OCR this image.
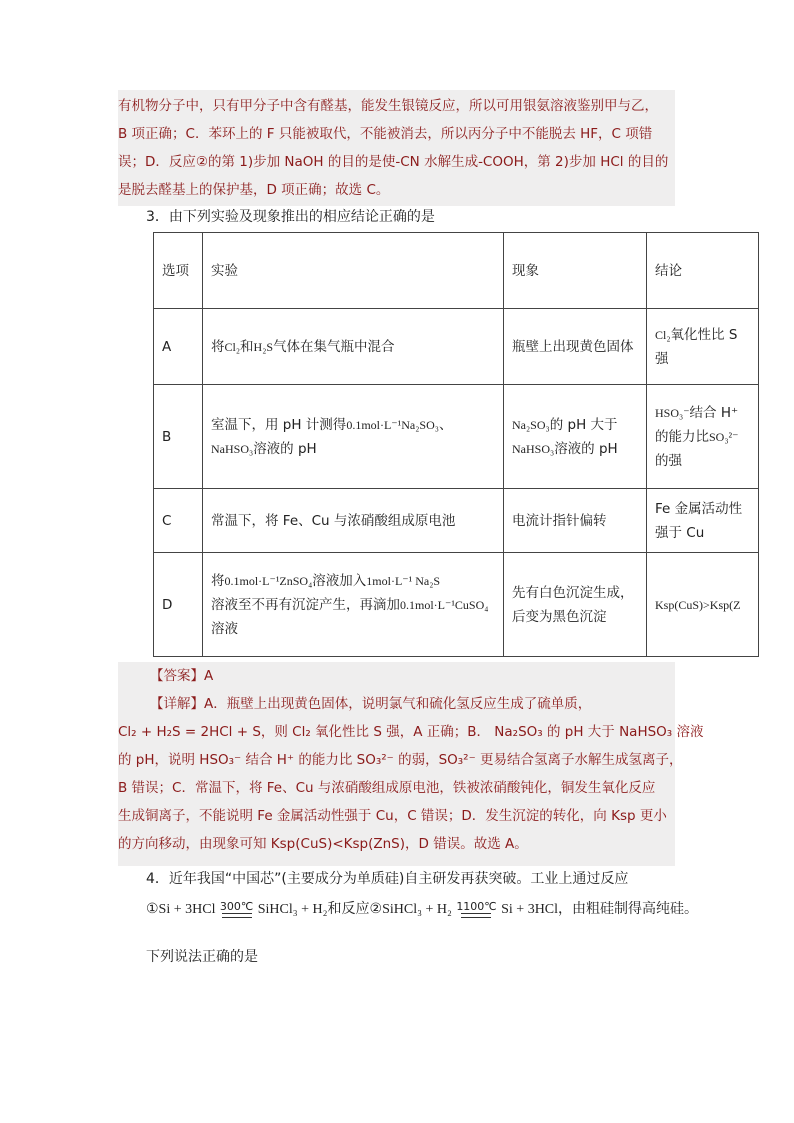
有机物分子中，只有甲分子中含有醛基，能发生银镜反应，所以可用银氨溶液鉴别甲与乙，

B 项正确；C．苯环上的 F 只能被取代，不能被消去，所以丙分子中不能脱去 HF，C 项错

误；D．反应②的第 1)步加 NaOH 的目的是使-CN 水解生成-COOH，第 2)步加 HCl 的目的

是脱去醛基上的保护基，D 项正确；故选 C。

3．由下列实验及现象推出的相应结论正确的是
选项	实验	现象	结论
A	将Cl₂和H₂S气体在集气瓶中混合	瓶壁上出现黄色固体	Cl₂氧化性比 S 强
B	室温下，用 pH 计测得0.1mol·L⁻¹Na₂SO₃、
NaHSO₃溶液的 pH	Na₂SO₃的 pH 大于
NaHSO₃溶液的 pH	HSO₃⁻结合 H⁺
的能力比SO₃²⁻
的强
C	常温下，将 Fe、Cu 与浓硝酸组成原电池	电流计指针偏转	Fe 金属活动性强于 Cu
D	将0.1mol·L⁻¹ZnSO₄溶液加入1mol·L⁻¹ Na₂S
溶液至不再有沉淀产生，再滴加0.1mol·L⁻¹CuSO₄
溶液	先有白色沉淀生成，后变为黑色沉淀	Ksp(CuS)>Ksp(Z

【答案】A

【详解】A．瓶壁上出现黄色固体，说明氯气和硫化氢反应生成了硫单质，

Cl₂ + H₂S = 2HCl + S，则 Cl₂ 氧化性比 S 强，A 正确；B． Na₂SO₃ 的 pH 大于 NaHSO₃ 溶液

的 pH，说明 HSO₃⁻ 结合 H⁺ 的能力比 SO₃²⁻ 的弱，SO₃²⁻ 更易结合氢离子水解生成氢离子，

B 错误；C．常温下，将 Fe、Cu 与浓硝酸组成原电池，铁被浓硝酸钝化，铜发生氧化反应

生成铜离子，不能说明 Fe 金属活动性强于 Cu，C 错误；D．发生沉淀的转化，向 Ksp 更小

的方向移动，由现象可知 Ksp(CuS)<Ksp(ZnS)，D 错误。故选 A。

4．近年我国“中国芯”(主要成分为单质硅)自主研发再获突破。工业上通过反应
①Si + 3HCl 300℃ SiHCl₃ + H₂和反应②SiHCl₃ + H₂ 1100℃ Si + 3HCl，由粗硅制得高纯硅。
下列说法正确的是
